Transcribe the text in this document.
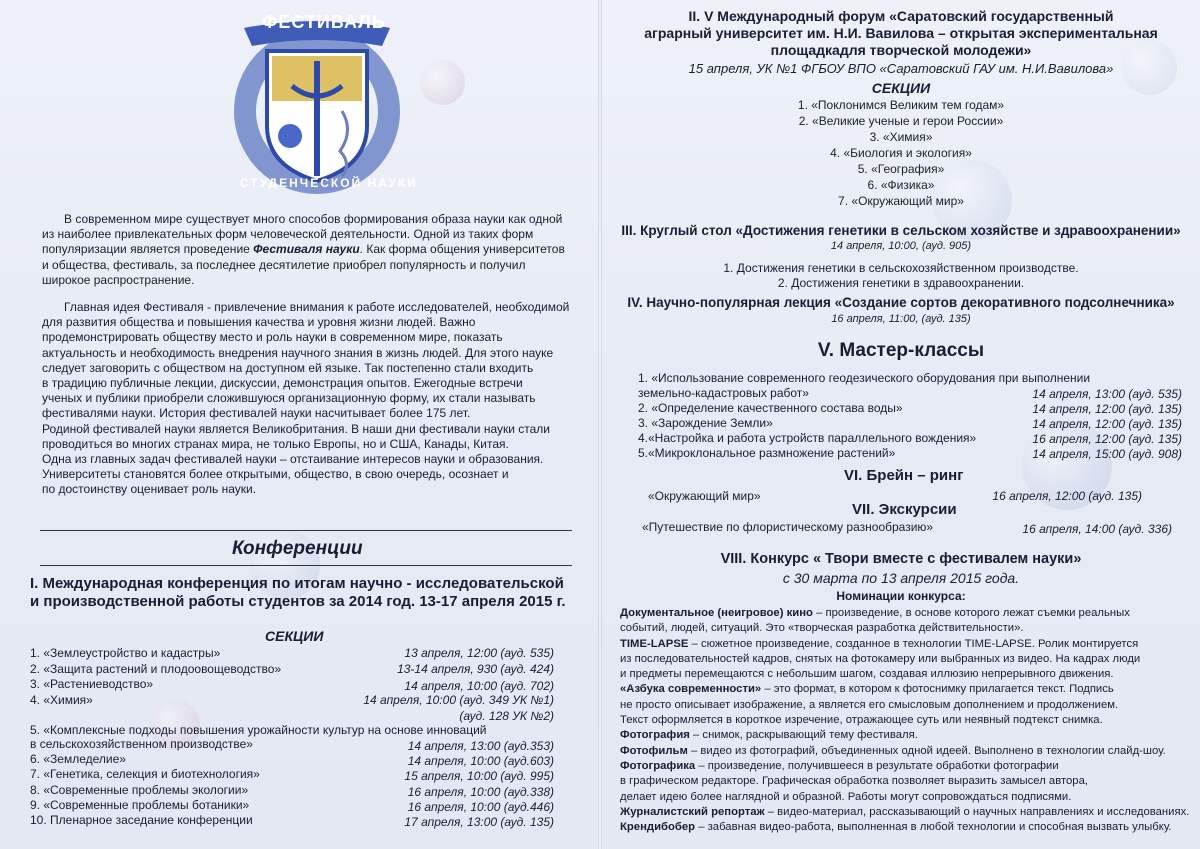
ФЕСТИВАЛЬ
СТУДЕНЧЕСКОЙ НАУКИ
В современном мире существует много способов формирования образа науки как одной
из наиболее привлекательных форм человеческой деятельности. Одной из таких форм
популяризации является проведение Фестиваля науки. Как форма общения университетов
и общества, фестиваль, за последнее десятилетие приобрел популярность и получил
широкое распространение.
Главная идея Фестиваля - привлечение внимания к работе исследователей, необходимой
для развития общества и повышения качества и уровня жизни людей. Важно
продемонстрировать обществу место и роль науки в современном мире, показать
актуальность и необходимость внедрения научного знания в жизнь людей. Для этого науке
следует заговорить с обществом на доступном ей языке. Так постепенно стали входить
в традицию публичные лекции, дискуссии, демонстрация опытов. Ежегодные встречи
ученых и публики приобрели сложившуюся организационную форму, их стали называть
фестивалями науки. История фестивалей науки насчитывает более 175 лет.
Родиной фестивалей науки является Великобритания. В наши дни фестивали науки стали
проводиться во многих странах мира, не только Европы, но и США, Канады, Китая.
Одна из главных задач фестивалей науки – отстаивание интересов науки и образования.
Университеты становятся более открытыми, общество, в свою очередь, осознает и
по достоинству оценивает роль науки.
Конференции
I. Международная конференция по итогам научно - исследовательской
и производственной работы студентов за 2014 год. 13-17 апреля 2015 г.
СЕКЦИИ
1. «Землеустройство и кадастры»	13 апреля, 12:00 (ауд. 535)
2. «Защита растений и плодоовощеводство»	13-14 апреля, 930 (ауд. 424)
3. «Растениеводство»	14 апреля, 10:00 (ауд. 702)
4. «Химия»	14 апреля, 10:00 (ауд. 349 УК №1)
(ауд. 128 УК №2)
5. «Комплексные подходы повышения урожайности культур на основе инноваций
в сельскохозяйственном производстве»	14 апреля, 13:00 (ауд.353)
6. «Земледелие»	14 апреля, 10:00 (ауд.603)
7. «Генетика, селекция и биотехнология»	15 апреля, 10:00 (ауд. 995)
8. «Современные проблемы экологии»	16 апреля, 10:00 (ауд.338)
9. «Современные проблемы ботаники»	16 апреля, 10:00 (ауд.446)
10. Пленарное заседание конференции	17 апреля, 13:00 (ауд. 135)
II. V Международный форум «Саратовский государственный
аграрный университет им. Н.И. Вавилова – открытая экспериментальная
площадкадля творческой молодежи»
15 апреля, УК №1 ФГБОУ ВПО «Саратовский ГАУ им. Н.И.Вавилова»
СЕКЦИИ
1. «Поклонимся Великим тем годам»
2. «Великие ученые и герои России»
3. «Химия»
4. «Биология и экология»
5. «География»
6. «Физика»
7. «Окружающий мир»
III. Круглый стол «Достижения генетики в сельском хозяйстве и здравоохранении»
14 апреля, 10:00, (ауд. 905)
1. Достижения генетики в сельскохозяйственном производстве.
2. Достижения генетики в здравоохранении.
IV. Научно-популярная лекция «Создание сортов декоративного подсолнечника»
16 апреля, 11:00, (ауд. 135)
V. Мастер-классы
1. «Использование современного геодезического оборудования при выполнении
земельно-кадастровых работ»	14 апреля, 13:00 (ауд. 535)
2. «Определение качественного состава воды»	14 апреля, 12:00 (ауд. 135)
3. «Зарождение Земли»	14 апреля, 12:00 (ауд. 135)
4.«Настройка и работа устройств параллельного вождения»	16 апреля, 12:00 (ауд. 135)
5.«Микроклональное размножение растений»	14 апреля, 15:00 (ауд. 908)
VI. Брейн – ринг
«Окружающий мир»	16 апреля, 12:00 (ауд. 135)
VII. Экскурсии
«Путешествие по флористическому разнообразию»	16 апреля, 14:00 (ауд. 336)
VIII. Конкурс « Твори вместе с фестивалем науки»
с 30 марта по 13 апреля 2015 года.
Номинации конкурса:
Документальное (неигровое) кино – произведение, в основе которого лежат съемки реальных
событий, людей, ситуаций. Это «творческая разработка действительности».
TIME-LAPSE – сюжетное произведение, созданное в технологии TIME-LAPSE. Ролик монтируется
из последовательностей кадров, снятых на фотокамеру или выбранных из видео. На кадрах люди
и предметы перемещаются с небольшим шагом, создавая иллюзию непрерывного движения.
«Азбука современности» – это формат, в котором к фотоснимку прилагается текст. Подпись
не просто описывает изображение, а является его смысловым дополнением и продолжением.
Текст оформляется в короткое изречение, отражающее суть или неявный подтекст снимка.
Фотография – снимок, раскрывающий тему фестиваля.
Фотофильм – видео из фотографий, объединенных одной идеей. Выполнено в технологии слайд-шоу.
Фотографика – произведение, получившееся в результате обработки фотографии
в графическом редакторе. Графическая обработка позволяет выразить замысел автора,
делает идею более наглядной и образной. Работы могут сопровождаться подписями.
Журналистский репортаж – видео-материал, рассказывающий о научных направлениях и исследованиях.
Крендибобер – забавная видео-работа, выполненная в любой технологии и способная вызвать улыбку.
